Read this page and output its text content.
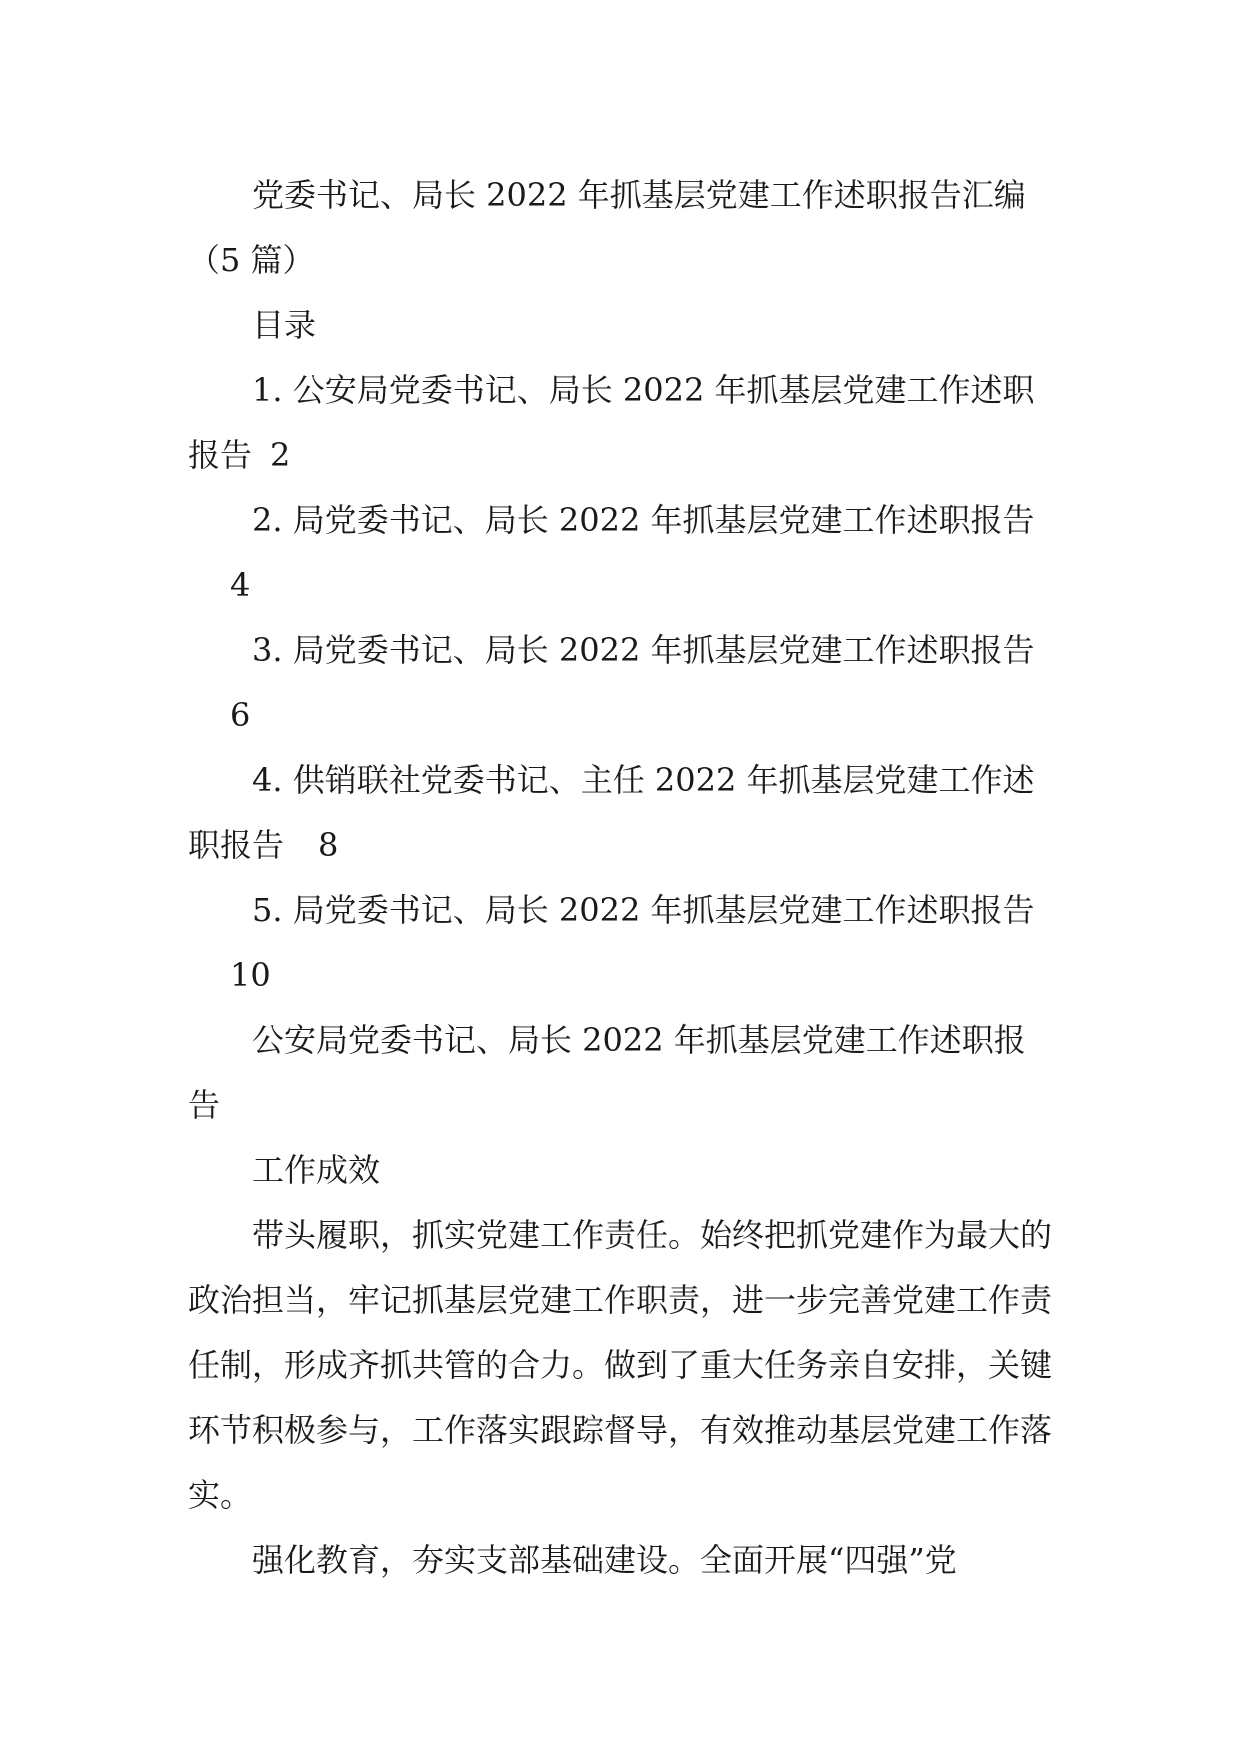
党委书记、局长 2022 年抓基层党建工作述职报告汇编
（5 篇）

目录

1. 公安局党委书记、局长 2022 年抓基层党建工作述职
报告 2
2. 局党委书记、局长 2022 年抓基层党建工作述职报告
4
3. 局党委书记、局长 2022 年抓基层党建工作述职报告
6
4. 供销联社党委书记、主任 2022 年抓基层党建工作述
职报告 8
5. 局党委书记、局长 2022 年抓基层党建工作述职报告
10
公安局党委书记、局长 2022 年抓基层党建工作述职报
告

工作成效

带头履职，抓实党建工作责任。始终把抓党建作为最大的政治担当，牢记抓基层党建工作职责，进一步完善党建工作责任制，形成齐抓共管的合力。做到了重大任务亲自安排，关键环节积极参与，工作落实跟踪督导，有效推动基层党建工作落实。

强化教育，夯实支部基础建设。全面开展“四强”党
